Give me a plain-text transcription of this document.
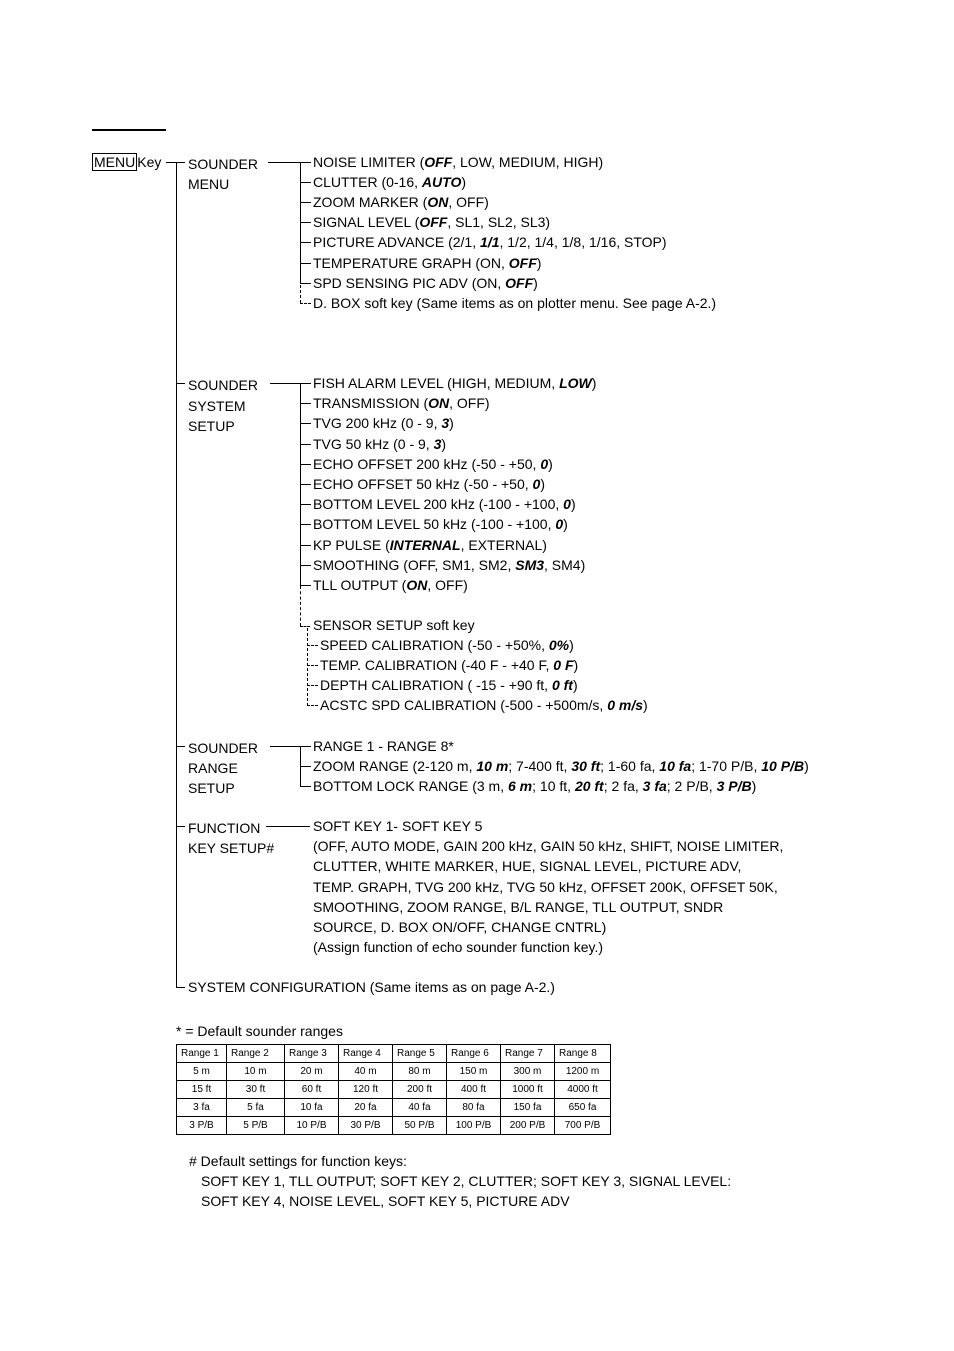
MENU Key SOUNDER
MENU
SOUNDER
SYSTEM
SETUP
SOUNDER
RANGE
SETUP
FUNCTION
KEY SETUP#
SYSTEM CONFIGURATION (Same items as on page A-2.)
NOISE LIMITER (OFF, LOW, MEDIUM, HIGH)
CLUTTER (0-16, AUTO)
ZOOM MARKER (ON, OFF)
SIGNAL LEVEL (OFF, SL1, SL2, SL3)
PICTURE ADVANCE (2/1, 1/1, 1/2, 1/4, 1/8, 1/16, STOP)
TEMPERATURE GRAPH (ON, OFF)
SPD SENSING PIC ADV (ON, OFF)
D. BOX soft key (Same items as on plotter menu. See page A-2.)
FISH ALARM LEVEL (HIGH, MEDIUM, LOW)
TRANSMISSION (ON, OFF)
TVG 200 kHz (0 - 9, 3)
TVG 50 kHz (0 - 9, 3)
ECHO OFFSET 200 kHz (-50 - +50, 0)
ECHO OFFSET 50 kHz (-50 - +50, 0)
BOTTOM LEVEL 200 kHz (-100 - +100, 0)
BOTTOM LEVEL 50 kHz (-100 - +100, 0)
KP PULSE (INTERNAL, EXTERNAL)
SMOOTHING (OFF, SM1, SM2, SM3, SM4)
TLL OUTPUT (ON, OFF)
SENSOR SETUP soft key
SPEED CALIBRATION (-50 - +50%, 0%)
TEMP. CALIBRATION (-40 F - +40 F, 0 F)
DEPTH CALIBRATION ( -15 - +90 ft, 0 ft)
ACSTC SPD CALIBRATION (-500 - +500m/s, 0 m/s)
RANGE 1 - RANGE 8*
ZOOM RANGE (2-120 m, 10 m; 7-400 ft, 30 ft; 1-60 fa, 10 fa; 1-70 P/B, 10 P/B)
BOTTOM LOCK RANGE (3 m, 6 m; 10 ft, 20 ft; 2 fa, 3 fa; 2 P/B, 3 P/B)
SOFT KEY 1- SOFT KEY 5
(OFF, AUTO MODE, GAIN 200 kHz, GAIN 50 kHz, SHIFT, NOISE LIMITER,
CLUTTER, WHITE MARKER, HUE, SIGNAL LEVEL, PICTURE ADV,
TEMP. GRAPH, TVG 200 kHz, TVG 50 kHz, OFFSET 200K, OFFSET 50K,
SMOOTHING, ZOOM RANGE, B/L RANGE, TLL OUTPUT, SNDR
SOURCE, D. BOX ON/OFF, CHANGE CNTRL)
(Assign function of echo sounder function key.)
* = Default sounder ranges
Range 1	Range 2	Range 3	Range 4	Range 5	Range 6	Range 7	Range 8
5 m	10 m	20 m	40 m	80 m	150 m	300 m	1200 m
15 ft	30 ft	60 ft	120 ft	200 ft	400 ft	1000 ft	4000 ft
3 fa	5 fa	10 fa	20 fa	40 fa	80 fa	150 fa	650 fa
3 P/B	5 P/B	10 P/B	30 P/B	50 P/B	100 P/B	200 P/B	700 P/B
# Default settings for function keys:
SOFT KEY 1, TLL OUTPUT; SOFT KEY 2, CLUTTER; SOFT KEY 3, SIGNAL LEVEL:
SOFT KEY 4, NOISE LEVEL, SOFT KEY 5, PICTURE ADV
